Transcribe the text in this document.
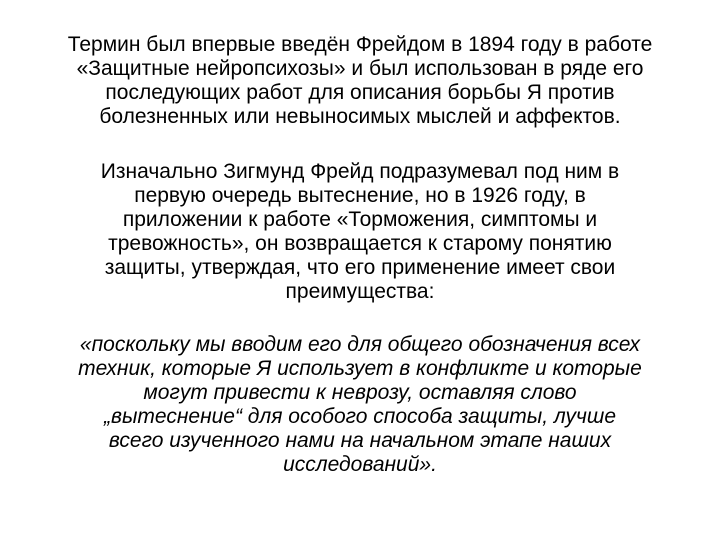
Термин был впервые введён Фрейдом в 1894 году в работе
«Защитные нейропсихозы» и был использован в ряде его
последующих работ для описания борьбы Я против
болезненных или невыносимых мыслей и аффектов.
Изначально Зигмунд Фрейд подразумевал под ним в
первую очередь вытеснение, но в 1926 году, в
приложении к работе «Торможения, симптомы и
тревожность», он возвращается к старому понятию
защиты, утверждая, что его применение имеет свои
преимущества:
«поскольку мы вводим его для общего обозначения всех
техник, которые Я использует в конфликте и которые
могут привести к неврозу, оставляя слово
„вытеснение“ для особого способа защиты, лучше
всего изученного нами на начальном этапе наших
исследований».
